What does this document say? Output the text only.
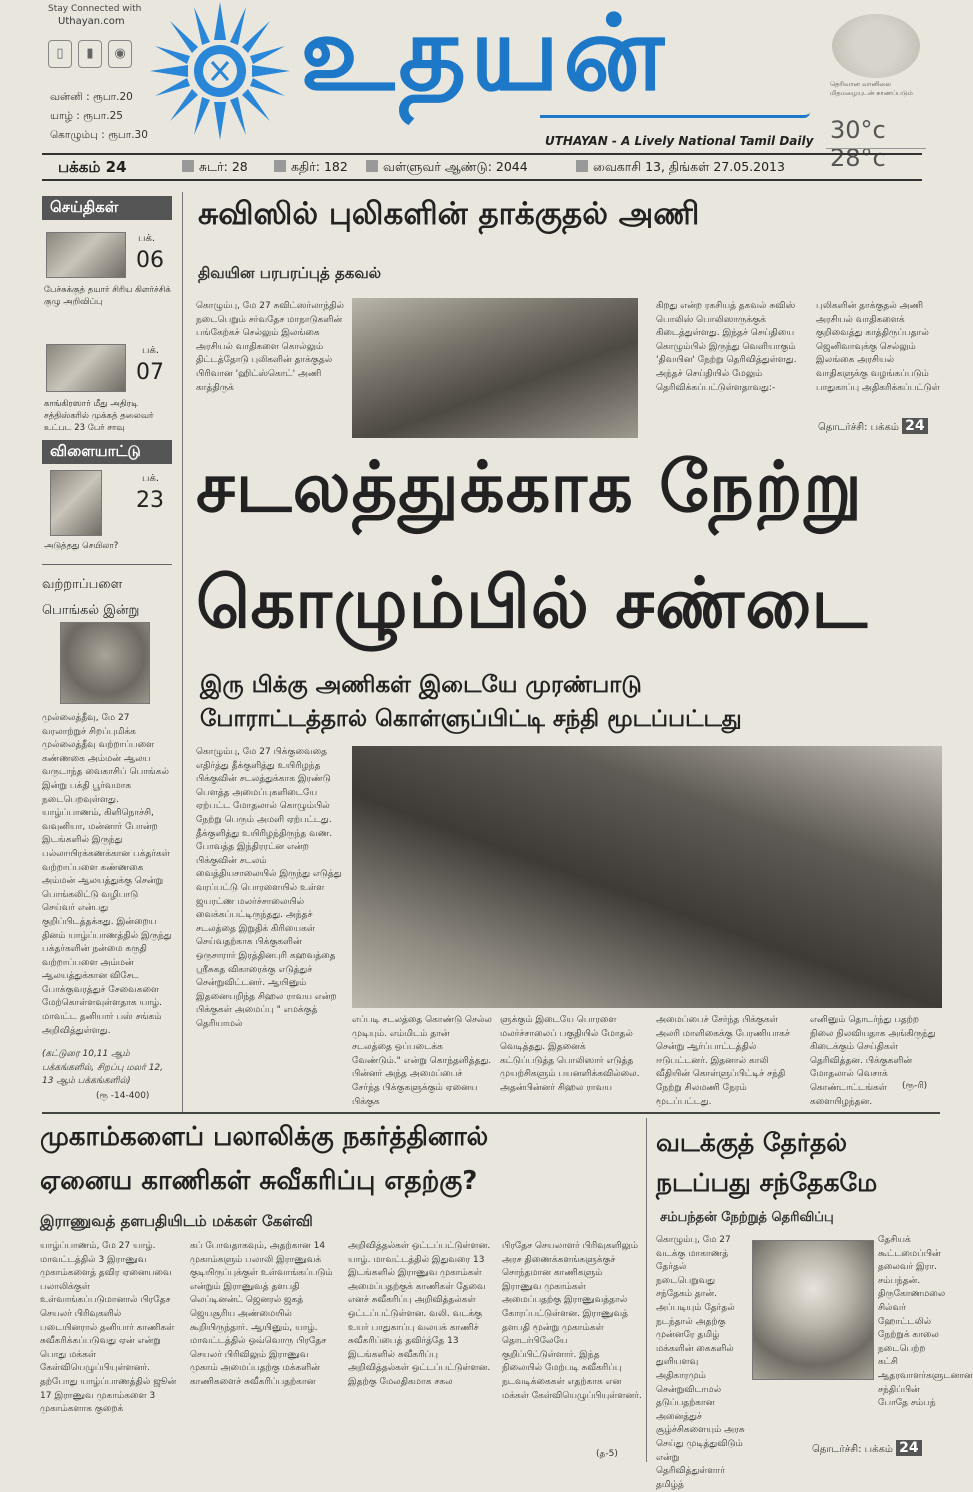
Stay Connected with
Uthayan.com
▯	▮	◉
வன்னி : ரூபா.20
யாழ் : ரூபா.25
கொழும்பு : ரூபா.30
உதயன்
UTHAYAN - A Lively National Tamil Daily
தெரிவான வானிலை மிதமழையுடன் காணப்படும்
30°c 28°c
பக்கம் 24	சுடர்: 28	கதிர்: 182	வள்ளுவர் ஆண்டு: 2044	வைகாசி 13, திங்கள் 27.05.2013
செய்திகள்
பக்.
06
பேச்சுக்குத் தயார் சிரிய கிளர்ச்சிக் குழு அறிவிப்பு
பக்.
07
காங்கிரஸார் மீது அதிரடி சத்திஸ்கரில் முக்கத் தலைவர் உட்பட 23 பேர் சாவு
விளையாட்டு
பக்.
23
அடுத்தது செயிலா?
வற்றாப்பளை பொங்கல் இன்று
முல்லைத்தீவு, மே 27 வரலாற்றுச் சிறப்புமிக்க முல்லைத்தீவு வற்றாப்பளை கண்ணகை அம்மன் ஆலய வருடாந்த வைகாசிப் பொங்கல் இன்று பக்தி பூர்வமாக நடைபெறவுள்ளது. யாழ்ப்பாணம், கிளிநொச்சி, வவுனியா, மன்னார் போன்ற இடங்களில் இருந்து பல்லாயிரக்கணக்கான பக்தர்கள் வற்றாப்பளை கண்ணகை அம்மன் ஆலயத்துக்கு சென்று பொங்கலிட்டு வழிபாடு செய்வர் என்பது குறிப்பிடத்தக்கது. இன்றைய தினம் யாழ்ப்பாணத்தில் இருந்து பக்தர்களின் நன்மை கருதி வற்றாப்பளை அம்மன் ஆலயத்துக்கான விசேட போக்குவரத்துச் சேவைகளை மேற்கொள்ளவுள்ளதாக யாழ். மாவட்ட தனியார் பஸ் சங்கம் அறிவித்துள்ளது.
(கட்டுரை 10,11 ஆம் பக்கங்களில், சிறப்பு மலர் 12, 13 ஆம் பக்கங்களில்)
(ரூ -14-400)
சுவிஸில் புலிகளின் தாக்குதல் அணி
திவயின பரபரப்புத் தகவல்
கொழும்பு, மே 27 சுவிட்ஸர்லாந்தில் நடைபெறும் சர்வதேச மாநாடுகளின் பங்கேற்கச் செல்லும் இலங்கை அரசியல் வாதிகளை கொல்லும் திட்டத்தோடு புலிகளின் தாக்குதல் பிரிவான 'ஹிட்ஸ்கொட்' அணி காத்திருக்
கிறது என்ற ரகசியத் தகவல் சுவிஸ் பொலிஸ் பொலிஸாருக்குக் கிடைத்துள்ளது. இந்தச் செய்தியை கொழும்பில் இருந்து வெளியாகும் 'திவயின' நேற்று தெரிவித்துள்ளது. அந்தச் செய்தியில் மேலும் தெரிவிக்கப்பட்டுள்ளதாவது:-
புலிகளின் தாக்குதல் அணி அரசியல் வாதிகளைக் குறிவைத்து காத்திருப்பதால் ஜெனிவாவுக்கு செல்லும் இலங்கை அரசியல் வாதிகளுக்கு வழங்கப்படும் பாதுகாப்பு அதிகரிக்கப்பட்டுள்
தொடர்ச்சி: பக்கம் 24
சடலத்துக்காக நேற்று
கொழும்பில் சண்டை
இரு பிக்கு அணிகள் இடையே முரண்பாடு
போராட்டத்தால் கொள்ளுப்பிட்டி சந்தி மூடப்பட்டது
கொழும்பு, மே 27 பிக்குவைதை எதிர்த்து தீக்குளித்து உயிரிழந்த பிக்குவின் சடலத்துக்காக இரண்டு பௌத்த அமைப்புகளிடையே ஏற்பட்ட மோதலால் கொழும்பில் நேற்று பெரும் அமளி ஏற்பட்டது. தீக்குளித்து உயிரிழந்திருந்த வண. போவத்த இந்திரரட்ன என்ற பிக்குவின் சடலம் வைத்தியசாலையில் இருந்து எடுத்து வரப்பட்டு பொரளையில் உள்ள ஜயரட்ண மலர்ச்சாலையில் வைக்கப்பட்டிருந்தது. அந்தச் சடலத்தை இறுதிக் கிரியைகள் செய்வதற்காக பிக்குகளின் ஒருசாரார் இரத்தினபுரி கஹவத்தை ஸ்ரீசுகத விகாரைக்கு எடுத்துச் சென்றுவிட்டனர். ஆயினும் இதனையறிந்த சிஹல ராவய என்ற பிக்குகள் அமைப்பு " எமக்குத் தெரியாமல்	எப்படி சடலத்தை கொண்டு செல்ல முடியும். எம்மிடம் தான் சடலத்தை ஒப்படைக்க வேண்டும்." என்று கொந்தளித்தது. பின்னர் அந்த அமைப்பைச் சேர்ந்த பிக்குகளுக்கும் ஏனைய பிக்குக
ளுக்கும் இடையே பொரளை மலர்ச்சாலைப் பகுதியில் மோதல் வெடித்தது. இதனைக் கட்டுப்படுத்த பொலிஸார் எடுத்த முயற்சிகளும் பயனளிக்கவில்லை. அதன்பின்னர் சிஹல ராவய
அமைப்பைச் சேர்ந்த பிக்குகள் அலரி மாளிகைக்கு பேரணியாகச் சென்று ஆர்ப்பாட்டத்தில் ஈடுபட்டனர். இதனால் காலி வீதியின் கொள்ளுப்பிட்டிச் சந்தி நேற்று சிலமணி நேரம் மூடப்பட்டது.
எனினும் தொடர்ந்து பதற்ற நிலை நிலவியதாக அங்கிருந்து கிடைக்கும் செய்திகள் தெரிவித்தன. பிக்குகளின் மோதலால் வெசாக் கொண்டாட்டங்கள் களையிழந்தன.
(ரூ-ரி)
முகாம்களைப் பலாலிக்கு நகர்த்தினால்
ஏனைய காணிகள் சுவீகரிப்பு எதற்கு?
இராணுவத் தளபதியிடம் மக்கள் கேள்வி
யாழ்ப்பாணம், மே 27 யாழ். மாவட்டத்தில் 3 இராணுவ முகாம்களைத் தவிர ஏனையவை பலாலிக்குள் உள்வாங்கப்படுமானால் பிரதேச செயலர் பிரிவுகளில் படையினரால் தனியார் காணிகள் சுவீகரிக்கப்படுவது ஏன் என்று பொது மக்கள் கேள்வியெழுப்பியுள்ளனர். தற்போது யாழ்ப்பாணத்தில் ஜூன் 17 இராணுவ முகாம்களை 3 முகாம்களாக குறைக்
கப் போவதாகவும், அதற்கான 14 முகாம்களும் பலாலி இராணுவக் குடியிருப்புக்குள் உள்வாங்கப்படும் என்றும் இராணுவத் தளபதி லெப்டினன்ட் ஜெனரல் ஜகத் ஜெயசூரிய அண்மையில் கூறியிருந்தார். ஆயினும், யாழ். மாவட்டத்தில் ஒவ்வொரு பிரதேச செயலர் பிரிவிலும் இராணுவ முகாம் அமைப்பதற்கு மக்களின் காணிகளைச் சுவீகரிப்பதற்கான
அறிவித்தல்கள் ஒட்டப்பட்டுள்ளன. யாழ். மாவட்டத்தில் இதுவரை 13 இடங்களில் இராணுவ முகாம்கள் அமைப்பதற்குக் காணிகள் தேவை எனச் சுவீகரிப்பு அறிவித்தல்கள் ஒட்டப்பட்டுள்ளன. வலி. வடக்கு உயர் பாதுகாப்பு வலயக் காணிச் சுவீகரிப்பைத் தவிர்த்தே 13 இடங்களில் சுவீகரிப்பு அறிவித்தல்கள் ஒட்டப்பட்டுள்ளன. இதற்கு மேலதிகமாக சகல
பிரதேச செயலாளர் பிரிவுகளிலும் அரச திணைக்களங்களுக்குச் சொந்தமான காணிகளும் இராணுவ முகாம்கள் அமைப்பதற்கு இராணுவத்தால் கோரப்பட்டுள்ளன. இராணுவத் தளபதி மூன்று முகாம்கள் தொடர்பிலேயே குறிப்பிட்டுள்ளார். இந்த நிலையில் மேற்படி சுவீகரிப்பு நடவடிக்கைகள் எதற்காக என மக்கள் கேள்வியெழுப்பியுள்ளனர்.
(த-5)
வடக்குத் தேர்தல்
நடப்பது சந்தேகமே
சம்பந்தன் நேற்றுத் தெரிவிப்பு
கொழும்பு, மே 27 வடக்கு மாகாணத் தேர்தல் நடைபெறுவது சந்தேகம் தான். அப்படியும் தேர்தல் நடந்தால் அதற்கு முன்னரே தமிழ் மக்களின் கைகளில் துளியளவு அதிகாரமும் சென்றுவிடாமல் தடுப்பதற்கான அனைத்துச் சூழ்ச்சிகளையும் அரசு செய்து முடித்துவிடும் என்று தெரிவித்துள்ளார் தமிழ்த்
தேசியக் கூட்டமைப்பின் தலைவர் இரா. சம்பந்தன். திருகோணமலை சில்வர் ஹோட்டலில் நேற்றுக் காலை நடைபெற்ற கட்சி ஆதரவாளர்களுடனான சந்திப்பின் போதே சம்பந்
தொடர்ச்சி: பக்கம் 24
